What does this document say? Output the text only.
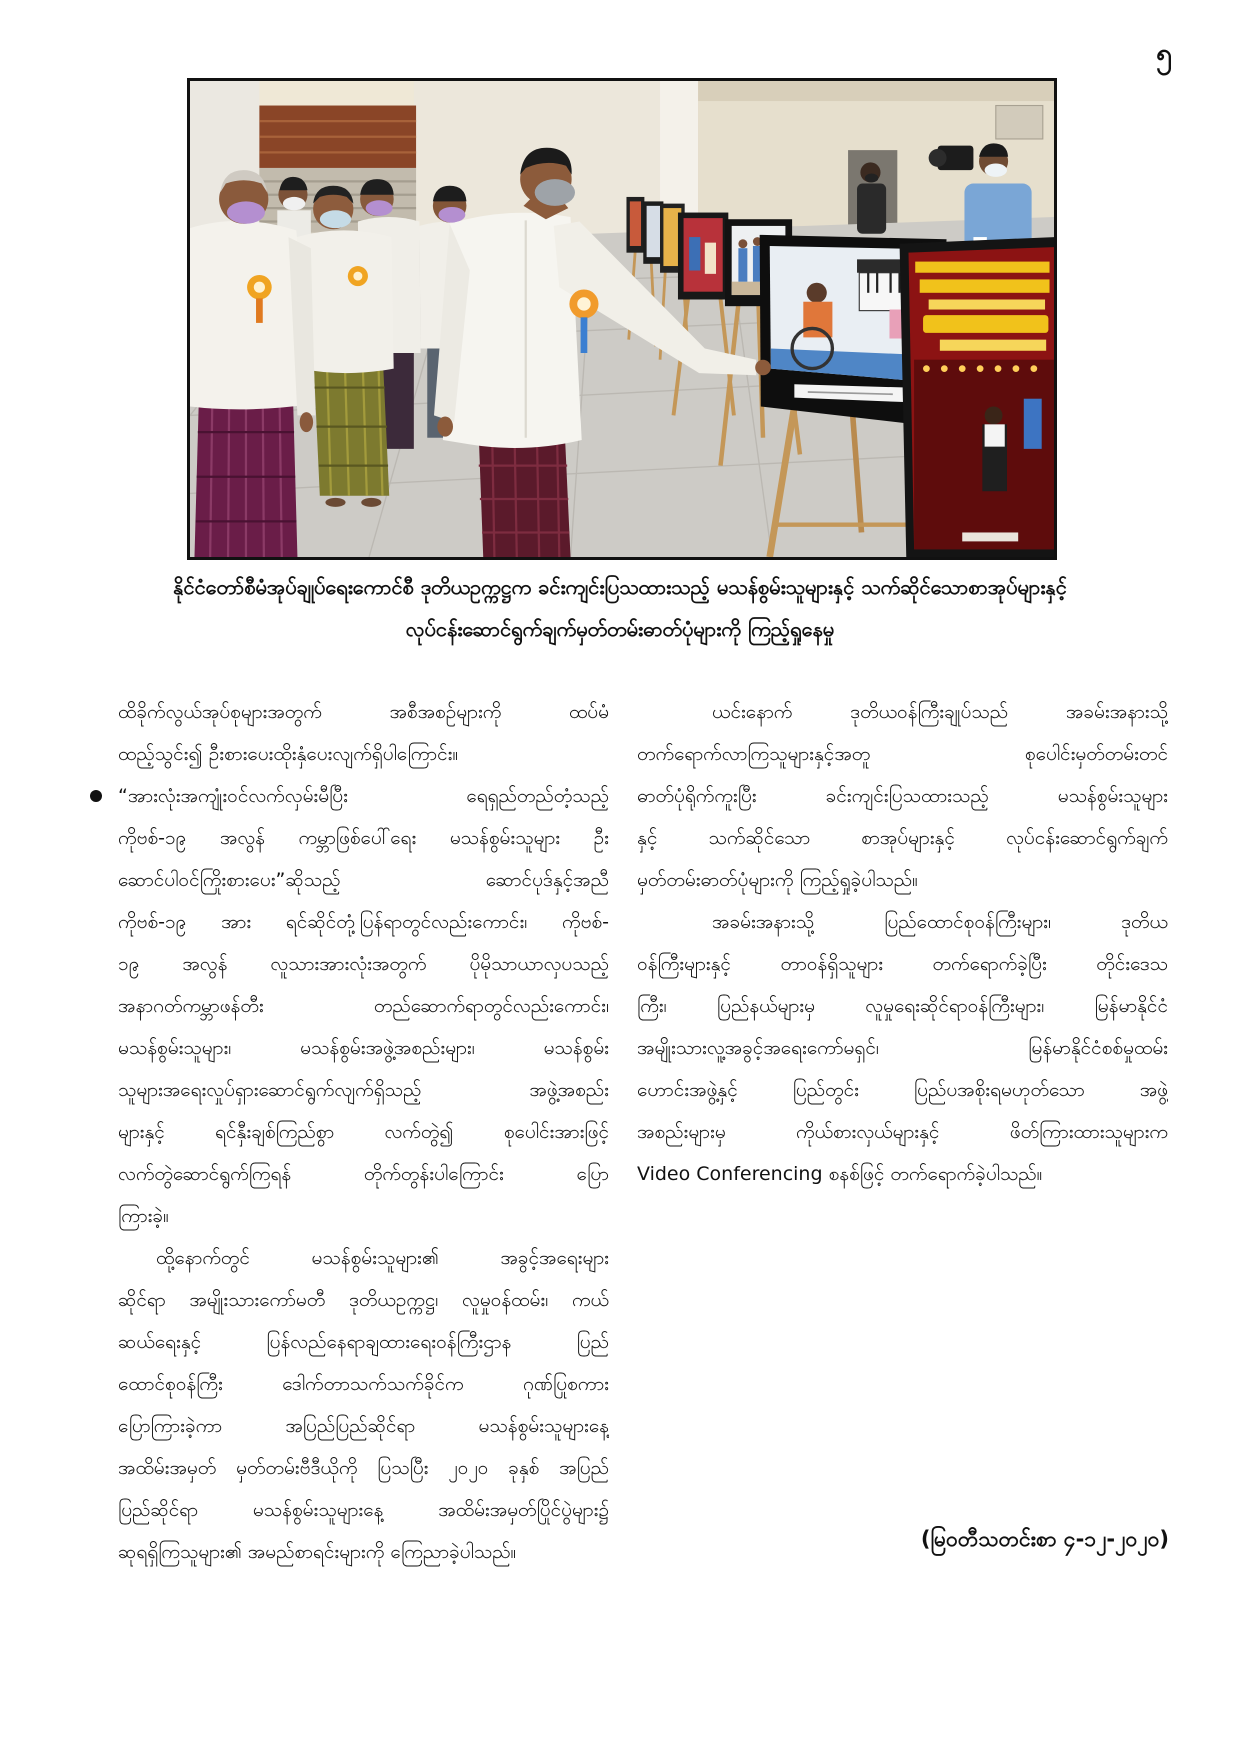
၅
နိုင်ငံတော်စီမံအုပ်ချုပ်ရေးကောင်စီ ဒုတိယဥက္ကဋ္ဌက ခင်းကျင်းပြသထားသည့် မသန်စွမ်းသူများနှင့် သက်ဆိုင်သောစာအုပ်များနှင့်
လုပ်ငန်းဆောင်ရွက်ချက်မှတ်တမ်းဓာတ်ပုံများကို ကြည့်ရှုနေမှု
ထိခိုက်လွယ်အုပ်စုများအတွက် အစီအစဉ်များကို ထပ်မံ
ထည့်သွင်း၍ ဦးစားပေးထိုးနှံပေးလျက်ရှိပါကြောင်း။
“အားလုံးအကျုံးဝင်လက်လှမ်းမီပြီး ရေရှည်တည်တံ့သည့်
ကိုဗစ်-၁၉ အလွန် ကမ္ဘာဖြစ်ပေါ်ရေး မသန်စွမ်းသူများ ဦး
ဆောင်ပါဝင်ကြိုးစားပေး”ဆိုသည့် ဆောင်ပုဒ်နှင့်အညီ
ကိုဗစ်-၁၉ အား ရင်ဆိုင်တုံ့ပြန်ရာတွင်လည်းကောင်း၊ ကိုဗစ်-
၁၉ အလွန် လူသားအားလုံးအတွက် ပိုမိုသာယာလှပသည့်
အနာဂတ်ကမ္ဘာဖန်တီး တည်ဆောက်ရာတွင်လည်းကောင်း၊
မသန်စွမ်းသူများ၊ မသန်စွမ်းအဖွဲ့အစည်းများ၊ မသန်စွမ်း
သူများအရေးလှုပ်ရှားဆောင်ရွက်လျက်ရှိသည့် အဖွဲ့အစည်း
များနှင့် ရင်နှီးချစ်ကြည်စွာ လက်တွဲ၍ စုပေါင်းအားဖြင့်
လက်တွဲဆောင်ရွက်ကြရန် တိုက်တွန်းပါကြောင်း ပြော
ကြားခဲ့။
ထို့နောက်တွင် မသန်စွမ်းသူများ၏ အခွင့်အရေးများ
ဆိုင်ရာ အမျိုးသားကော်မတီ ဒုတိယဥက္ကဋ္ဌ၊ လူမှုဝန်ထမ်း၊ ကယ်
ဆယ်ရေးနှင့် ပြန်လည်နေရာချထားရေးဝန်ကြီးဌာန ပြည်
ထောင်စုဝန်ကြီး ဒေါက်တာသက်သက်ခိုင်က ဂုဏ်ပြုစကား
ပြောကြားခဲ့ကာ အပြည်ပြည်ဆိုင်ရာ မသန်စွမ်းသူများနေ့
အထိမ်းအမှတ် မှတ်တမ်းဗီဒီယိုကို ပြသပြီး ၂၀၂၀ ခုနှစ် အပြည်
ပြည်ဆိုင်ရာ မသန်စွမ်းသူများနေ့ အထိမ်းအမှတ်ပြိုင်ပွဲများ၌
ဆုရရှိကြသူများ၏ အမည်စာရင်းများကို ကြေညာခဲ့ပါသည်။
ယင်းနောက် ဒုတိယဝန်ကြီးချုပ်သည် အခမ်းအနားသို့
တက်ရောက်လာကြသူများနှင့်အတူ စုပေါင်းမှတ်တမ်းတင်
ဓာတ်ပုံရိုက်ကူးပြီး ခင်းကျင်းပြသထားသည့် မသန်စွမ်းသူများ
နှင့် သက်ဆိုင်သော စာအုပ်များနှင့် လုပ်ငန်းဆောင်ရွက်ချက်
မှတ်တမ်းဓာတ်ပုံများကို ကြည့်ရှုခဲ့ပါသည်။
အခမ်းအနားသို့ ပြည်ထောင်စုဝန်ကြီးများ၊ ဒုတိယ
ဝန်ကြီးများနှင့် တာဝန်ရှိသူများ တက်ရောက်ခဲ့ပြီး တိုင်းဒေသ
ကြီး၊ ပြည်နယ်များမှ လူမှုရေးဆိုင်ရာဝန်ကြီးများ၊ မြန်မာနိုင်ငံ
အမျိုးသားလူ့အခွင့်အရေးကော်မရှင်၊ မြန်မာနိုင်ငံစစ်မှုထမ်း
ဟောင်းအဖွဲ့နှင့် ပြည်တွင်း ပြည်ပအစိုးရမဟုတ်သော အဖွဲ့
အစည်းများမှ ကိုယ်စားလှယ်များနှင့် ဖိတ်ကြားထားသူများက
Video Conferencing စနစ်ဖြင့် တက်ရောက်ခဲ့ပါသည်။
(မြဝတီသတင်းစာ ၄-၁၂-၂၀၂၀)
